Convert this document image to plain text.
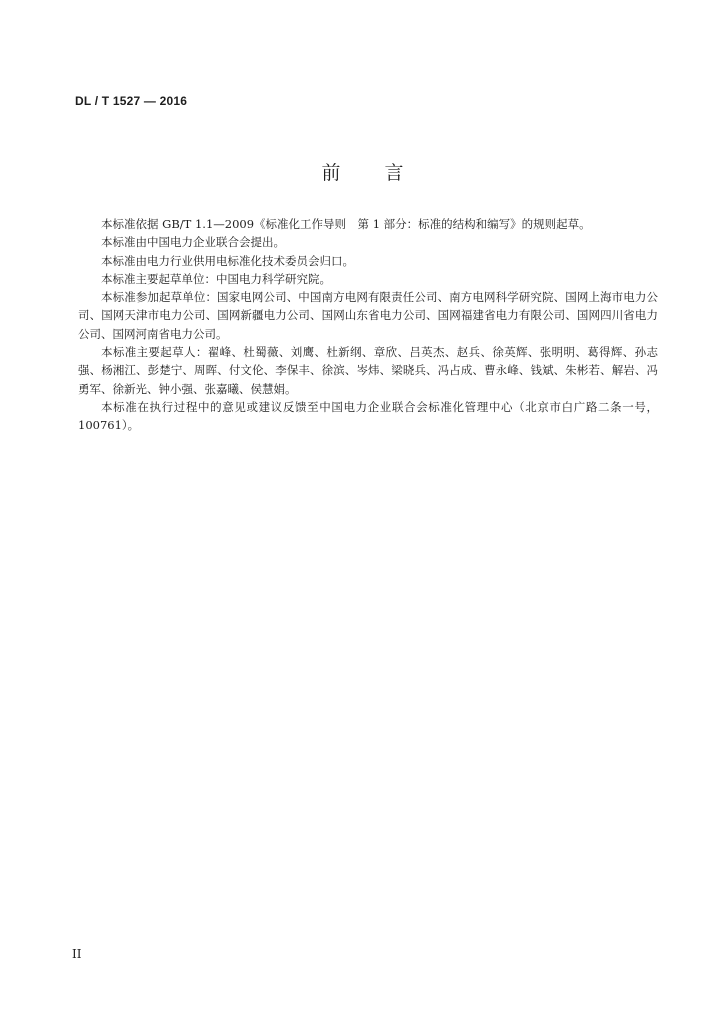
DL / T 1527 — 2016
前言

本标准依据 GB/T 1.1—2009《标准化工作导则　第 1 部分：标准的结构和编写》的规则起草。

本标准由中国电力企业联合会提出。

本标准由电力行业供用电标准化技术委员会归口。

本标准主要起草单位：中国电力科学研究院。

本标准参加起草单位：国家电网公司、中国南方电网有限责任公司、南方电网科学研究院、国网上海市电力公司、国网天津市电力公司、国网新疆电力公司、国网山东省电力公司、国网福建省电力有限公司、国网四川省电力公司、国网河南省电力公司。

本标准主要起草人：翟峰、杜蜀薇、刘鹰、杜新纲、章欣、吕英杰、赵兵、徐英辉、张明明、葛得辉、孙志强、杨湘江、彭楚宁、周晖、付文伦、李保丰、徐滨、岑炜、梁晓兵、冯占成、曹永峰、钱斌、朱彬若、解岩、冯勇军、徐新光、钟小强、张嘉曦、侯慧娟。

本标准在执行过程中的意见或建议反馈至中国电力企业联合会标准化管理中心（北京市白广路二条一号，100761）。

II
